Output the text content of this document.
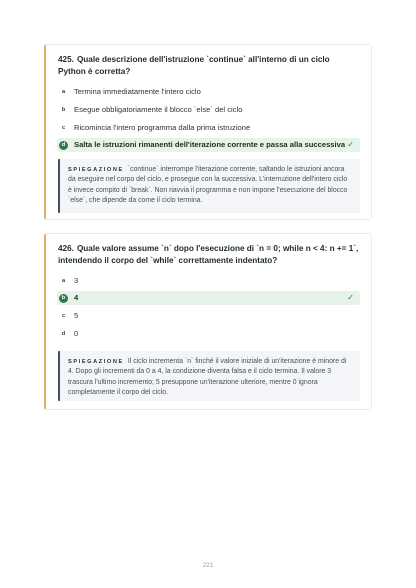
425. Quale descrizione dell'istruzione `continue` all'interno di un ciclo Python è corretta?
a Termina immediatamente l'intero ciclo
b Esegue obbligatoriamente il blocco `else` del ciclo
c Ricomincia l'intero programma dalla prima istruzione
d Salta le istruzioni rimanenti dell'iterazione corrente e passa alla successiva ✓
SPIEGAZIONE `continue` interrompe l'iterazione corrente, saltando le istruzioni ancora da eseguire nel corpo del ciclo, e prosegue con la successiva. L'interruzione dell'intero ciclo è invece compito di `break`. Non riavvia il programma e non impone l'esecuzione del blocco `else`, che dipende da come il ciclo termina.
426. Quale valore assume `n` dopo l'esecuzione di `n = 0; while n < 4: n += 1`, intendendo il corpo del `while` correttamente indentato?
a 3
b 4	✓
c 5
d 0
SPIEGAZIONE Il ciclo incrementa `n` finché il valore iniziale di un'iterazione è minore di 4. Dopo gli incrementi da 0 a 4, la condizione diventa falsa e il ciclo termina. Il valore 3 trascura l'ultimo incremento; 5 presuppone un'iterazione ulteriore, mentre 0 ignora completamente il corpo del ciclo.
221
